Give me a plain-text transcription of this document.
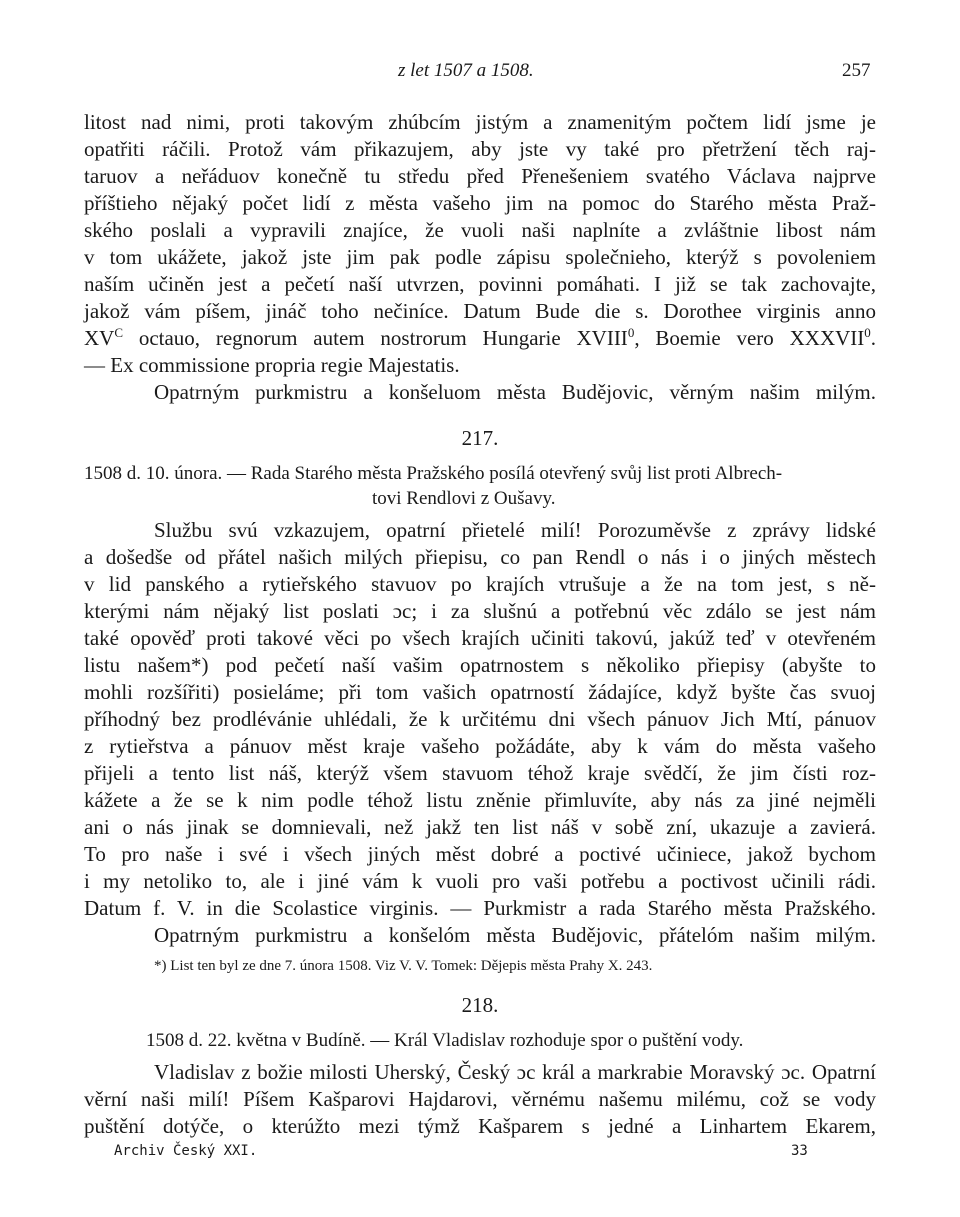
z let 1507 a 1508.	257
litost nad nimi, proti takovým zhúbcím jistým a znamenitým počtem lidí jsme je
opatřiti ráčili. Protož vám přikazujem, aby jste vy také pro přetržení těch raj-
taruov a neřáduov konečně tu středu před Přenešeniem svatého Václava najprve
příštieho nějaký počet lidí z města vašeho jim na pomoc do Starého města Praž-
ského poslali a vypravili znajíce, že vuoli naši naplníte a zvláštnie libost nám
v tom ukážete, jakož jste jim pak podle zápisu společnieho, kterýž s povoleniem
naším učiněn jest a pečetí naší utvrzen, povinni pomáhati. I již se tak zachovajte,
jakož vám píšem, jináč toho nečiníce. Datum Bude die s. Dorothee virginis anno
$XV^C$ octauo, regnorum autem nostrorum Hungarie XVIII$^0$, Boemie vero XXXVII$^0$.
— Ex commissione propria regie Majestatis.
Opatrným purkmistru a konšeluom města Budějovic, věrným našim milým.
217.
1508 d. 10. února. — Rada Starého města Pražského posílá otevřený svůj list proti Albrech-
tovi Rendlovi z Oušavy.
Službu svú vzkazujem, opatrní přietelé milí! Porozuměvše z zprávy lidské
a došedše od přátel našich milých přiepisu, co pan Rendl o nás i o jiných městech
v lid panského a rytieřského stavuov po krajích vtrušuje a že na tom jest, s ně-
kterými nám nějaký list poslati ɔc; i za slušnú a potřebnú věc zdálo se jest nám
také opověď proti takové věci po všech krajích učiniti takovú, jakúž teď v otevřeném
listu našem*) pod pečetí naší vašim opatrnostem s několiko přiepisy (abyšte to
mohli rozšířiti) posieláme; při tom vašich opatrností žádajíce, když byšte čas svuoj
příhodný bez prodlévánie uhlédali, že k určitému dni všech pánuov Jich Mtí, pánuov
z rytieřstva a pánuov měst kraje vašeho požádáte, aby k vám do města vašeho
přijeli a tento list náš, kterýž všem stavuom téhož kraje svědčí, že jim čísti roz-
kážete a že se k nim podle téhož listu zněnie přimluvíte, aby nás za jiné nejměli
ani o nás jinak se domnievali, než jakž ten list náš v sobě zní, ukazuje a zavierá.
To pro naše i své i všech jiných měst dobré a poctivé učiniece, jakož bychom
i my netoliko to, ale i jiné vám k vuoli pro vaši potřebu a poctivost učinili rádi.
Datum f. V. in die Scolastice virginis. — Purkmistr a rada Starého města Pražského.
Opatrným purkmistru a konšelóm města Budějovic, přátelóm našim milým.
*) List ten byl ze dne 7. února 1508. Viz V. V. Tomek: Dějepis města Prahy X. 243.
218.
1508 d. 22. května v Budíně. — Král Vladislav rozhoduje spor o puštění vody.
Vladislav z božie milosti Uherský, Český ɔc král a markrabie Moravský ɔc. Opatrní
věrní naši milí! Píšem Kašparovi Hajdarovi, věrnému našemu milému, což se vody
puštění dotýče, o kterúžto mezi týmž Kašparem s jedné a Linhartem Ekarem,
Archiv Český XXI.	33
